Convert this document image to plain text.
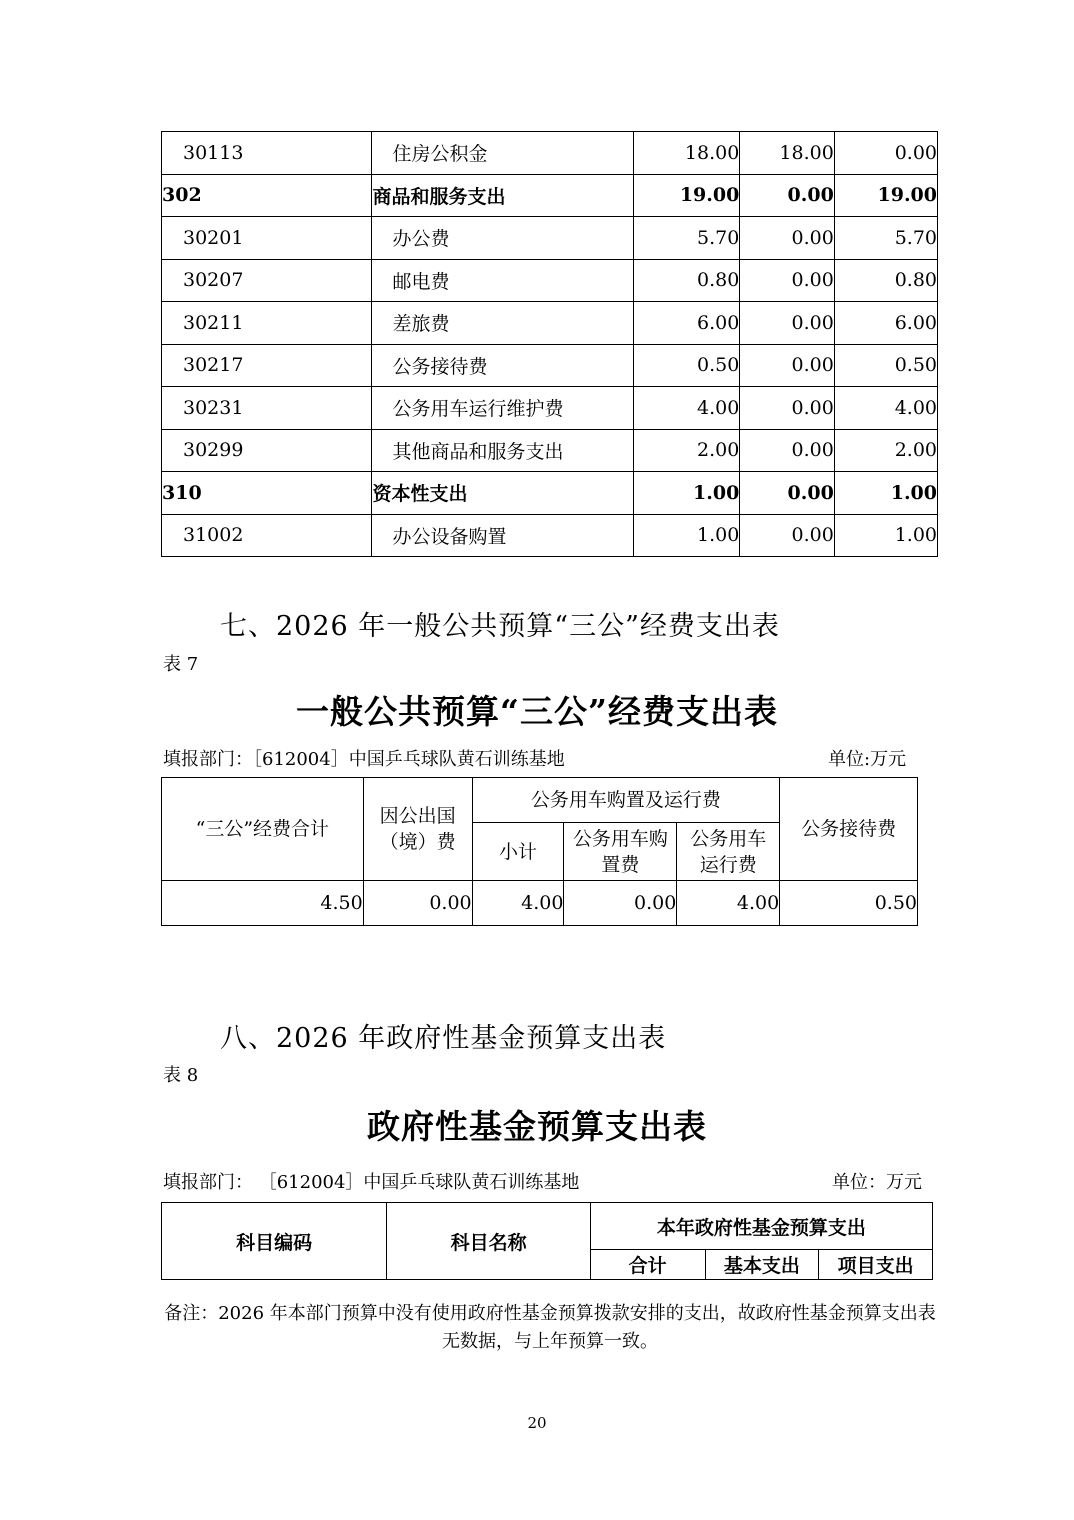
30113	住房公积金	18.00	18.00	0.00
302	商品和服务支出	19.00	0.00	19.00
30201	办公费	5.70	0.00	5.70
30207	邮电费	0.80	0.00	0.80
30211	差旅费	6.00	0.00	6.00
30217	公务接待费	0.50	0.00	0.50
30231	公务用车运行维护费	4.00	0.00	4.00
30299	其他商品和服务支出	2.00	0.00	2.00
310	资本性支出	1.00	0.00	1.00
31002	办公设备购置	1.00	0.00	1.00
七、2026 年一般公共预算“三公”经费支出表
表 7
一般公共预算“三公”经费支出表
填报部门：［612004］中国乒乓球队黄石训练基地	单位:万元
“三公”经费合计	因公出国（境）费	公务用车购置及运行费			公务接待费
		小计	公务用车购置费	公务用车运行费	
4.50	0.00	4.00	0.00	4.00	0.50
八、2026 年政府性基金预算支出表
表 8
政府性基金预算支出表
填报部门： ［612004］中国乒乓球队黄石训练基地	单位：万元
科目编码	科目名称	本年政府性基金预算支出		
		合计	基本支出	项目支出
备注：2026 年本部门预算中没有使用政府性基金预算拨款安排的支出，故政府性基金预算支出表无数据，与上年预算一致。
20
